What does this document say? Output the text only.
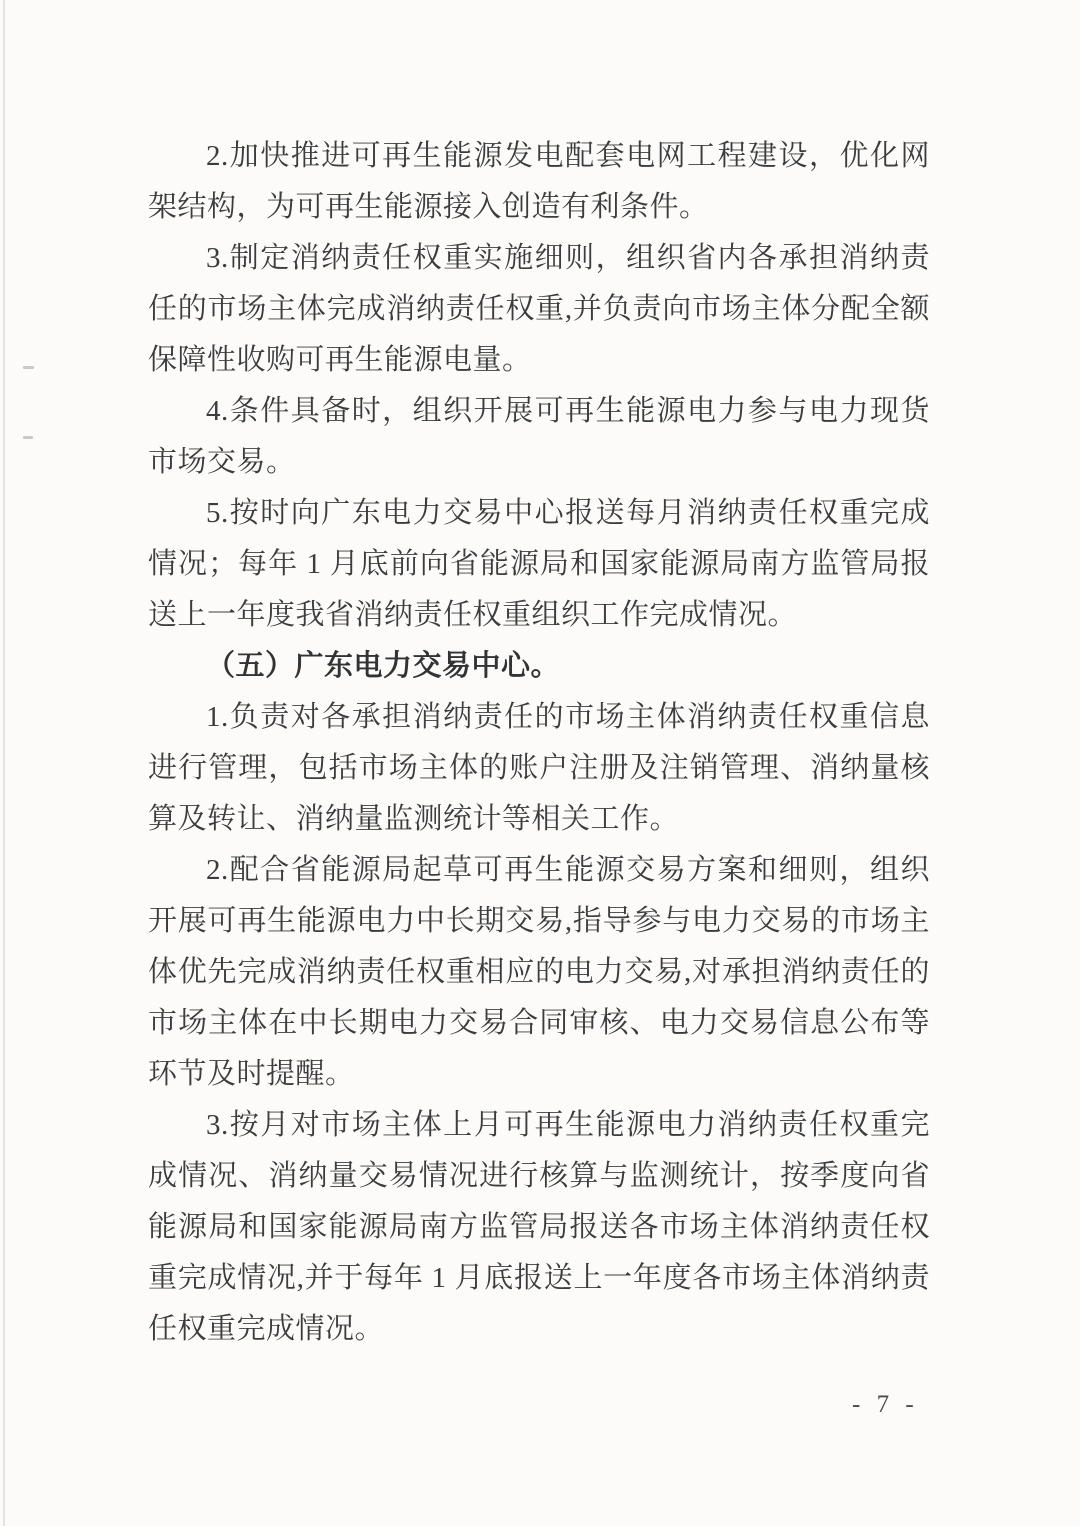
2.加快推进可再生能源发电配套电网工程建设，优化网架结构，为可再生能源接入创造有利条件。

3.制定消纳责任权重实施细则，组织省内各承担消纳责任的市场主体完成消纳责任权重,并负责向市场主体分配全额保障性收购可再生能源电量。

4.条件具备时，组织开展可再生能源电力参与电力现货市场交易。

5.按时向广东电力交易中心报送每月消纳责任权重完成情况；每年 1 月底前向省能源局和国家能源局南方监管局报送上一年度我省消纳责任权重组织工作完成情况。

（五）广东电力交易中心。

1.负责对各承担消纳责任的市场主体消纳责任权重信息进行管理，包括市场主体的账户注册及注销管理、消纳量核算及转让、消纳量监测统计等相关工作。

2.配合省能源局起草可再生能源交易方案和细则，组织开展可再生能源电力中长期交易,指导参与电力交易的市场主体优先完成消纳责任权重相应的电力交易,对承担消纳责任的市场主体在中长期电力交易合同审核、电力交易信息公布等环节及时提醒。

3.按月对市场主体上月可再生能源电力消纳责任权重完成情况、消纳量交易情况进行核算与监测统计，按季度向省能源局和国家能源局南方监管局报送各市场主体消纳责任权重完成情况,并于每年 1 月底报送上一年度各市场主体消纳责任权重完成情况。

- 7 -
